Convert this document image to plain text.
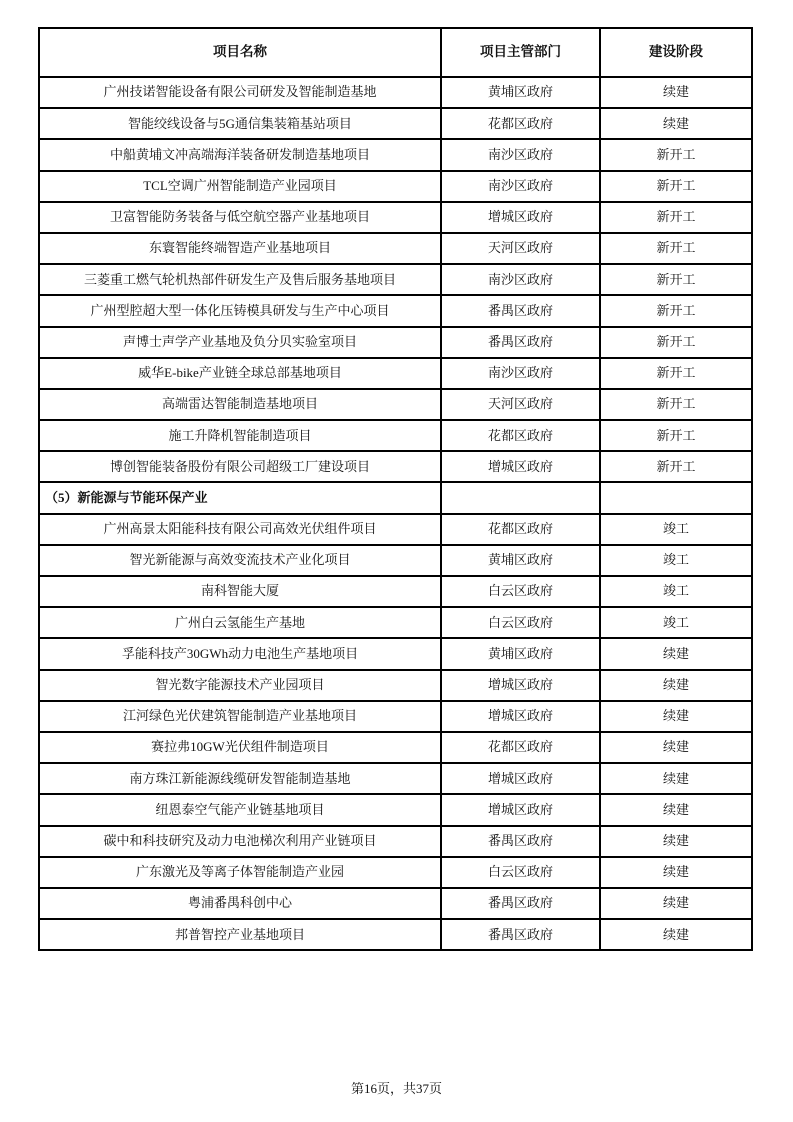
项目名称	项目主管部门	建设阶段
广州技诺智能设备有限公司研发及智能制造基地	黄埔区政府	续建
智能绞线设备与5G通信集装箱基站项目	花都区政府	续建
中船黄埔文冲高端海洋装备研发制造基地项目	南沙区政府	新开工
TCL空调广州智能制造产业园项目	南沙区政府	新开工
卫富智能防务装备与低空航空器产业基地项目	增城区政府	新开工
东寰智能终端智造产业基地项目	天河区政府	新开工
三菱重工燃气轮机热部件研发生产及售后服务基地项目	南沙区政府	新开工
广州型腔超大型一体化压铸模具研发与生产中心项目	番禺区政府	新开工
声博士声学产业基地及负分贝实验室项目	番禺区政府	新开工
威华E-bike产业链全球总部基地项目	南沙区政府	新开工
高端雷达智能制造基地项目	天河区政府	新开工
施工升降机智能制造项目	花都区政府	新开工
博创智能装备股份有限公司超级工厂建设项目	增城区政府	新开工
（5）新能源与节能环保产业		
广州高景太阳能科技有限公司高效光伏组件项目	花都区政府	竣工
智光新能源与高效变流技术产业化项目	黄埔区政府	竣工
南科智能大厦	白云区政府	竣工
广州白云氢能生产基地	白云区政府	竣工
孚能科技产30GWh动力电池生产基地项目	黄埔区政府	续建
智光数字能源技术产业园项目	增城区政府	续建
江河绿色光伏建筑智能制造产业基地项目	增城区政府	续建
赛拉弗10GW光伏组件制造项目	花都区政府	续建
南方珠江新能源线缆研发智能制造基地	增城区政府	续建
纽恩泰空气能产业链基地项目	增城区政府	续建
碳中和科技研究及动力电池梯次利用产业链项目	番禺区政府	续建
广东激光及等离子体智能制造产业园	白云区政府	续建
粤浦番禺科创中心	番禺区政府	续建
邦普智控产业基地项目	番禺区政府	续建
第16页，共37页
